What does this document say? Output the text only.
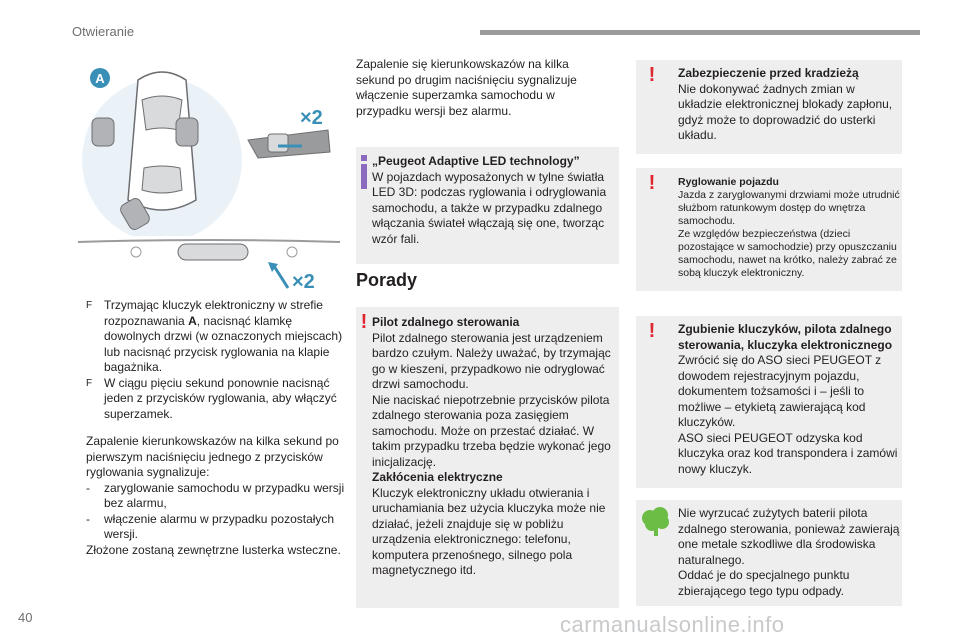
Otwieranie
A
×2
×2
F Trzymając kluczyk elektroniczny w strefie rozpoznawania A, nacisnąć klamkę dowolnych drzwi (w oznaczonych miejscach) lub nacisnąć przycisk ryglowania na klapie bagażnika.
F W ciągu pięciu sekund ponownie nacisnąć jeden z przycisków ryglowania, aby włączyć superzamek.

Zapalenie kierunkowskazów na kilka sekund po pierwszym naciśnięciu jednego z przycisków ryglowania sygnalizuje:

-	zaryglowanie samochodu w przypadku wersji bez alarmu,
-	włączenie alarmu w przypadku pozostałych wersji.

Złożone zostaną zewnętrzne lusterka wsteczne.

Zapalenie się kierunkowskazów na kilka sekund po drugim naciśnięciu sygnalizuje włączenie superzamka samochodu w przypadku wersji bez alarmu.

„Peugeot Adaptive LED technology”

W pojazdach wyposażonych w tylne światła LED 3D: podczas ryglowania i odryglowania samochodu, a także w przypadku zdalnego włączania świateł włączają się one, tworząc wzór fali.

Porady
! Pilot zdalnego sterowania

Pilot zdalnego sterowania jest urządzeniem bardzo czułym. Należy uważać, by trzymając go w kieszeni, przypadkowo nie odryglować drzwi samochodu.

Nie naciskać niepotrzebnie przycisków pilota zdalnego sterowania poza zasięgiem samochodu. Może on przestać działać. W takim przypadku trzeba będzie wykonać jego inicjalizację.

Zakłócenia elektryczne

Kluczyk elektroniczny układu otwierania i uruchamiania bez użycia kluczyka może nie działać, jeżeli znajduje się w pobliżu urządzenia elektronicznego: telefonu, komputera przenośnego, silnego pola magnetycznego itd.

! Zabezpieczenie przed kradzieżą

Nie dokonywać żadnych zmian w układzie elektronicznej blokady zapłonu, gdyż może to doprowadzić do usterki układu.

! Ryglowanie pojazdu

Jazda z zaryglowanymi drzwiami może utrudnić służbom ratunkowym dostęp do wnętrza samochodu.

Ze względów bezpieczeństwa (dzieci pozostające w samochodzie) przy opuszczaniu samochodu, nawet na krótko, należy zabrać ze sobą kluczyk elektroniczny.

! Zgubienie kluczyków, pilota zdalnego sterowania, kluczyka elektronicznego

Zwrócić się do ASO sieci PEUGEOT z dowodem rejestracyjnym pojazdu, dokumentem tożsamości i – jeśli to możliwe – etykietą zawierającą kod kluczyków.

ASO sieci PEUGEOT odzyska kod kluczyka oraz kod transpondera i zamówi nowy kluczyk.

Nie wyrzucać zużytych baterii pilota zdalnego sterowania, ponieważ zawierają one metale szkodliwe dla środowiska naturalnego.

Oddać je do specjalnego punktu zbierającego tego typu odpady.

40	carmanualsonline.info
